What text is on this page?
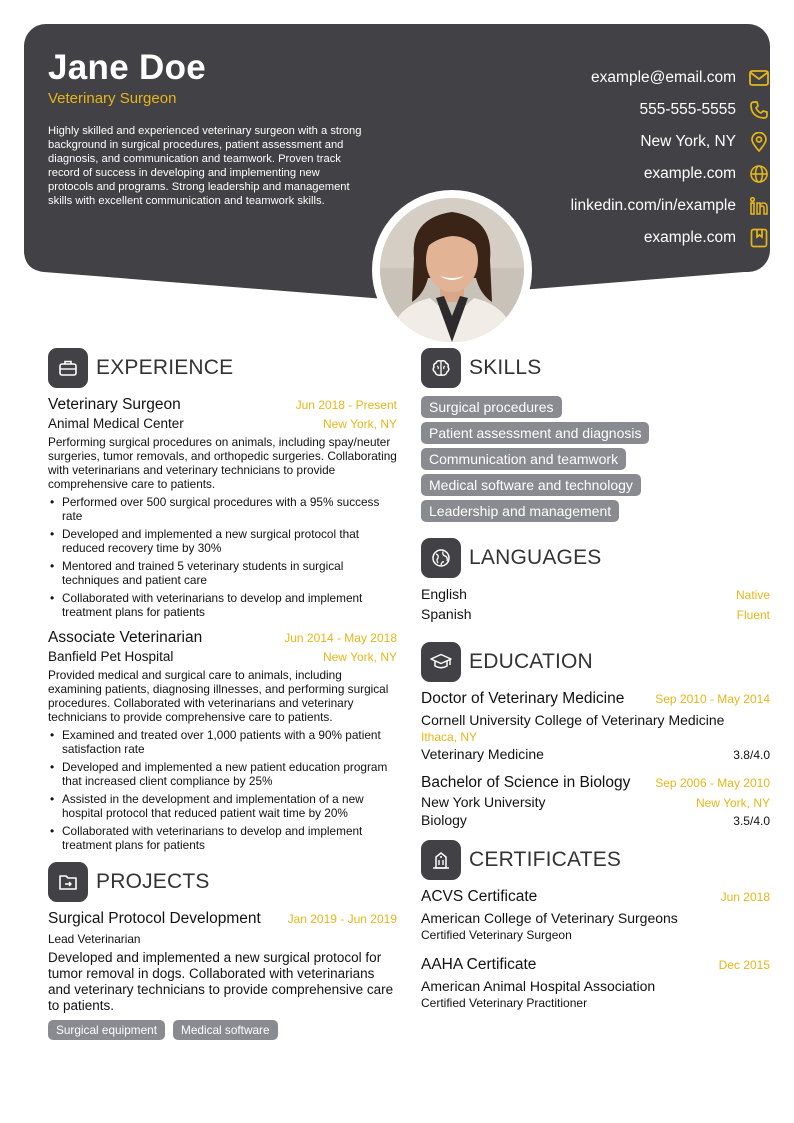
Jane Doe
Veterinary Surgeon
Highly skilled and experienced veterinary surgeon with a strong background in surgical procedures, patient assessment and diagnosis, and communication and teamwork. Proven track record of success in developing and implementing new protocols and programs. Strong leadership and management skills with excellent communication and teamwork skills.
example@email.com
555-555-5555
New York, NY
example.com
linkedin.com/in/example
example.com
EXPERIENCE
Veterinary Surgeon	Jun 2018 - Present
Animal Medical Center	New York, NY
Performing surgical procedures on animals, including spay/neuter surgeries, tumor removals, and orthopedic surgeries. Collaborating with veterinarians and veterinary technicians to provide comprehensive care to patients.
• Performed over 500 surgical procedures with a 95% success rate
• Developed and implemented a new surgical protocol that reduced recovery time by 30%
• Mentored and trained 5 veterinary students in surgical techniques and patient care
• Collaborated with veterinarians to develop and implement treatment plans for patients
Associate Veterinarian	Jun 2014 - May 2018
Banfield Pet Hospital	New York, NY
Provided medical and surgical care to animals, including examining patients, diagnosing illnesses, and performing surgical procedures. Collaborated with veterinarians and veterinary technicians to provide comprehensive care to patients.
• Examined and treated over 1,000 patients with a 90% patient satisfaction rate
• Developed and implemented a new patient education program that increased client compliance by 25%
• Assisted in the development and implementation of a new hospital protocol that reduced patient wait time by 20%
• Collaborated with veterinarians to develop and implement treatment plans for patients
PROJECTS
Surgical Protocol Development Jan 2019 - Jun 2019
Lead Veterinarian
Developed and implemented a new surgical protocol for tumor removal in dogs. Collaborated with veterinarians and veterinary technicians to provide comprehensive care to patients.
Surgical equipment	Medical software
SKILLS
Surgical procedures
Patient assessment and diagnosis
Communication and teamwork
Medical software and technology
Leadership and management
LANGUAGES
English	Native
Spanish	Fluent
EDUCATION
Doctor of Veterinary Medicine	Sep 2010 - May 2014
Cornell University College of Veterinary Medicine
Ithaca, NY
Veterinary Medicine	3.8/4.0
Bachelor of Science in Biology Sep 2006 - May 2010
New York University	New York, NY
Biology	3.5/4.0
CERTIFICATES
ACVS Certificate	Jun 2018
American College of Veterinary Surgeons
Certified Veterinary Surgeon
AAHA Certificate	Dec 2015
American Animal Hospital Association
Certified Veterinary Practitioner
